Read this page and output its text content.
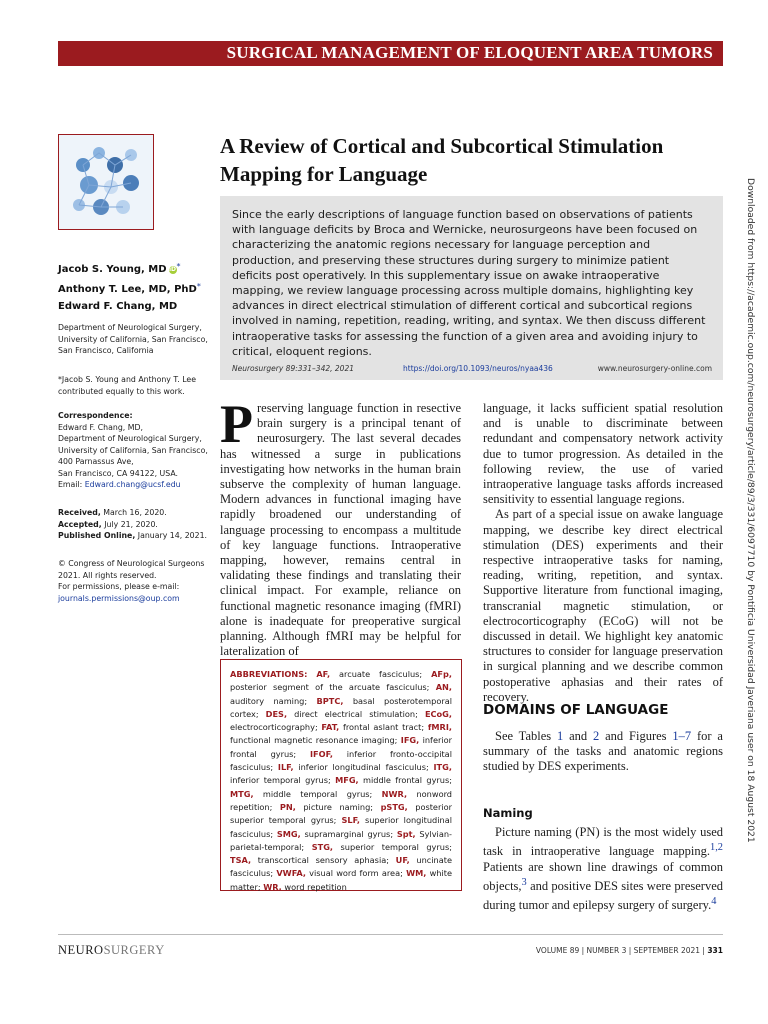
SURGICAL MANAGEMENT OF ELOQUENT AREA TUMORS
A Review of Cortical and Subcortical Stimulation Mapping for Language
Since the early descriptions of language function based on observations of patients with language deficits by Broca and Wernicke, neurosurgeons have been focused on characterizing the anatomic regions necessary for language perception and production, and preserving these structures during surgery to minimize patient deficits post operatively. In this supplementary issue on awake intraoperative mapping, we review language processing across multiple domains, highlighting key advances in direct electrical stimulation of different cortical and subcortical regions involved in naming, repetition, reading, writing, and syntax. We then discuss different intraoperative tasks for assessing the function of a given area and avoiding injury to critical, eloquent regions.
Neurosurgery 89:331–342, 2021	https://doi.org/10.1093/neuros/nyaa436	www.neurosurgery-online.com
Jacob S. Young, MD iD*
Anthony T. Lee, MD, PhD*
Edward F. Chang, MD
Department of Neurological Surgery, University of California, San Francisco, San Francisco, California
*Jacob S. Young and Anthony T. Lee contributed equally to this work.
Correspondence:
Edward F. Chang, MD,
Department of Neurological Surgery,
University of California, San Francisco,
400 Parnassus Ave,
San Francisco, CA 94122, USA.
Email: Edward.chang@ucsf.edu
Received, March 16, 2020.
Accepted, July 21, 2020.
Published Online, January 14, 2021.
© Congress of Neurological Surgeons 2021. All rights reserved.
For permissions, please e-mail:
journals.permissions@oup.com
Preserving language function in resective brain surgery is a principal tenant of neurosurgery. The last several decades has witnessed a surge in publications investigating how networks in the human brain subserve the complexity of human language. Modern advances in functional imaging have rapidly broadened our understanding of language processing to encompass a multitude of key language functions. Intraoperative mapping, however, remains central in validating these findings and translating their clinical impact. For example, reliance on functional magnetic resonance imaging (fMRI) alone is inadequate for preoperative surgical planning. Although fMRI may be helpful for lateralization of
ABBREVIATIONS: AF, arcuate fasciculus; AFp, posterior segment of the arcuate fasciculus; AN, auditory naming; BPTC, basal posterotemporal cortex; DES, direct electrical stimulation; ECoG, electrocorticography; FAT, frontal aslant tract; fMRI, functional magnetic resonance imaging; IFG, inferior frontal gyrus; IFOF, inferior fronto-occipital fasciculus; ILF, inferior longitudinal fasciculus; ITG, inferior temporal gyrus; MFG, middle frontal gyrus; MTG, middle temporal gyrus; NWR, nonword repetition; PN, picture naming; pSTG, posterior superior temporal gyrus; SLF, superior longitudinal fasciculus; SMG, supramarginal gyrus; Spt, Sylvian-parietal-temporal; STG, superior temporal gyrus; TSA, transcortical sensory aphasia; UF, uncinate fasciculus; VWFA, visual word form area; WM, white matter; WR, word repetition

language, it lacks sufficient spatial resolution and is unable to discriminate between redundant and compensatory network activity due to tumor progression. As detailed in the following review, the use of varied intraoperative language tasks affords increased sensitivity to essential language regions.

As part of a special issue on awake language mapping, we describe key direct electrical stimulation (DES) experiments and their respective intraoperative tasks for naming, reading, writing, repetition, and syntax. Supportive literature from functional imaging, transcranial magnetic stimulation, or electrocorticography (ECoG) will not be discussed in detail. We highlight key anatomic structures to consider for language preservation in surgical planning and we describe common postoperative aphasias and their rates of recovery.

DOMAINS OF LANGUAGE
See Tables 1 and 2 and Figures 1–7 for a summary of the tasks and anatomic regions studied by DES experiments.
Naming
Picture naming (PN) is the most widely used task in intraoperative language mapping.$^{1,2}$ Patients are shown line drawings of common objects,$^3$ and positive DES sites were preserved during tumor and epilepsy surgery of surgery.$^4$
NEUROSURGERY	VOLUME 89 | NUMBER 3 | SEPTEMBER 2021 | 331
Downloaded from https://academic.oup.com/neurosurgery/article/89/3/331/6097710 by Pontificia Universidad Javeriana user on 18 August 2021
